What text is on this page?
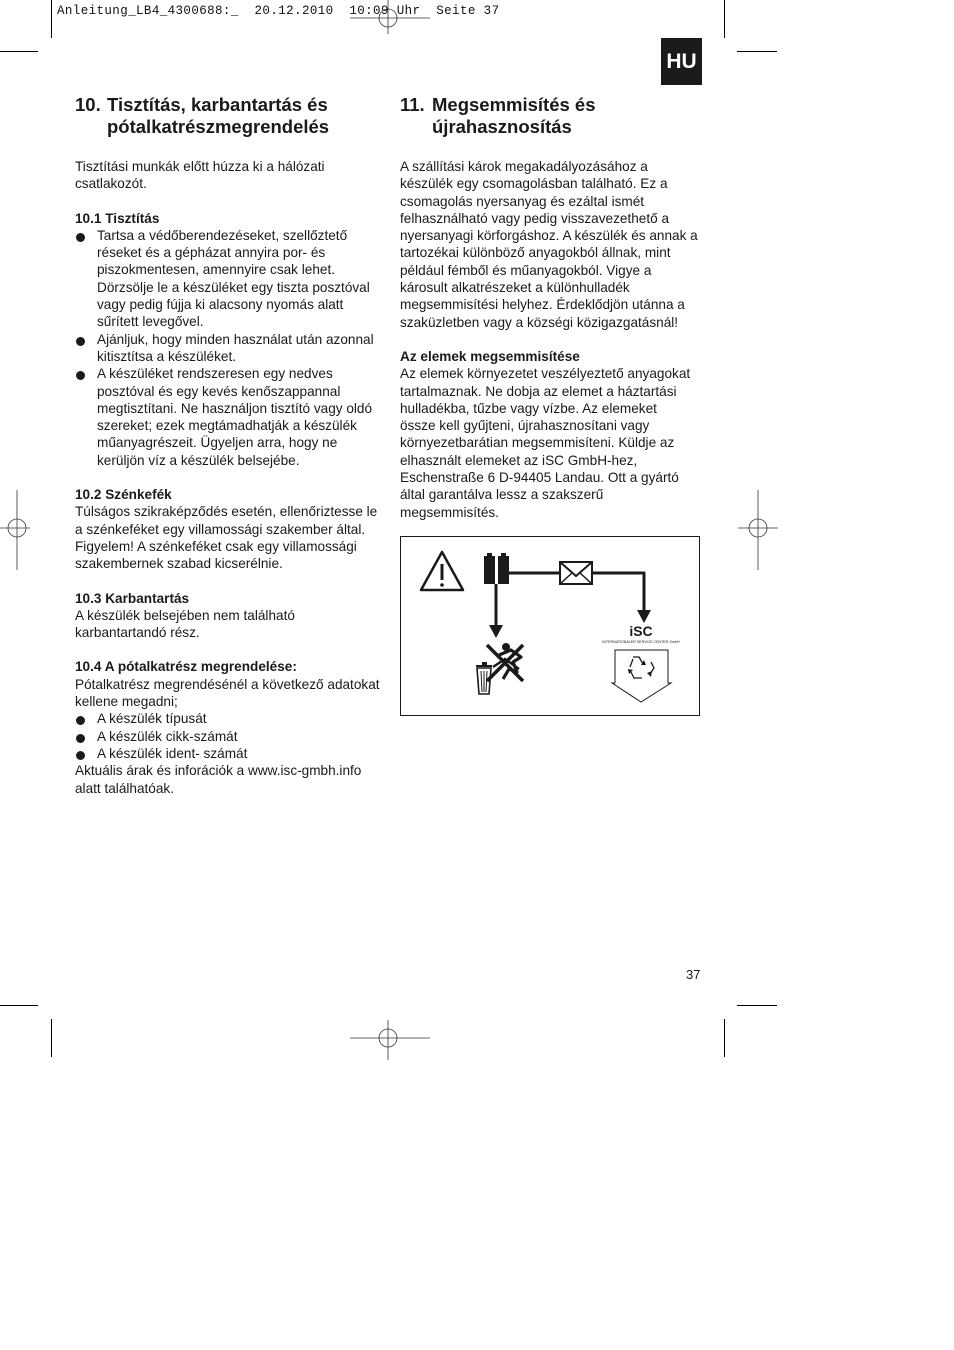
Anleitung_LB4_4300688:_  20.12.2010  10:09 Uhr  Seite 37
HU
10. Tisztítás, karbantartás és pótalkatrészmegrendelés

Tisztítási munkák előtt húzza ki a hálózati csatlakozót.

10.1 Tisztítás
Tartsa a védőberendezéseket, szellőztető réseket és a gépházat annyira por- és piszokmentesen, amennyire csak lehet. Dörzsölje le a készüléket egy tiszta posztóval vagy pedig fújja ki alacsony nyomás alatt sűrített levegővel.
Ajánljuk, hogy minden használat után azonnal kitisztítsa a készüléket.
A készüléket rendszeresen egy nedves posztóval és egy kevés kenőszappannal megtisztítani. Ne használjon tisztító vagy oldó szereket; ezek megtámadhatják a készülék műanyagrészeit. Ügyeljen arra, hogy ne kerüljön víz a készülék belsejébe.
10.2 Szénkefék

Túlságos szikraképződés esetén, ellenőriztesse le a szénkeféket egy villamossági szakember által. Figyelem! A szénkeféket csak egy villamossági szakembernek szabad kicserélnie.

10.3 Karbantartás

A készülék belsejében nem található karbantartandó rész.

10.4 A pótalkatrész megrendelése:

Pótalkatrész megrendésénél a következő adatokat kellene megadni;

A készülék típusát
A készülék cikk-számát
A készülék ident- számát

Aktuális árak és inforációk a www.isc-gmbh.info alatt találhatóak.

11. Megsemmisítés és újrahasznosítás

A szállítási károk megakadályozásához a készülék egy csomagolásban található. Ez a csomagolás nyersanyag és ezáltal ismét felhasználható vagy pedig visszavezethető a nyersanyagi körforgáshoz. A készülék és annak a tartozékai különböző anyagokból állnak, mint például fémből és műanyagokból. Vigye a károsult alkatrészeket a különhulladék megsemmisítési helyhez. Érdeklődjön utánna a szaküzletben vagy a községi közigazgatásnál!

Az elemek megsemmisítése

Az elemek környezetet veszélyeztető anyagokat tartalmaznak. Ne dobja az elemet a háztartási hulladékba, tűzbe vagy vízbe. Az elemeket össze kell gyűjteni, újrahasznosítani vagy környezetbarátian megsemmisíteni. Küldje az elhasznált elemeket az iSC GmbH-hez, Eschenstraße 6 D-94405 Landau. Ott a gyártó által garantálva lessz a szakszerű megsemmisítés.

iSC
INTERNATIONALER SERVICE CENTER GmbH
37
